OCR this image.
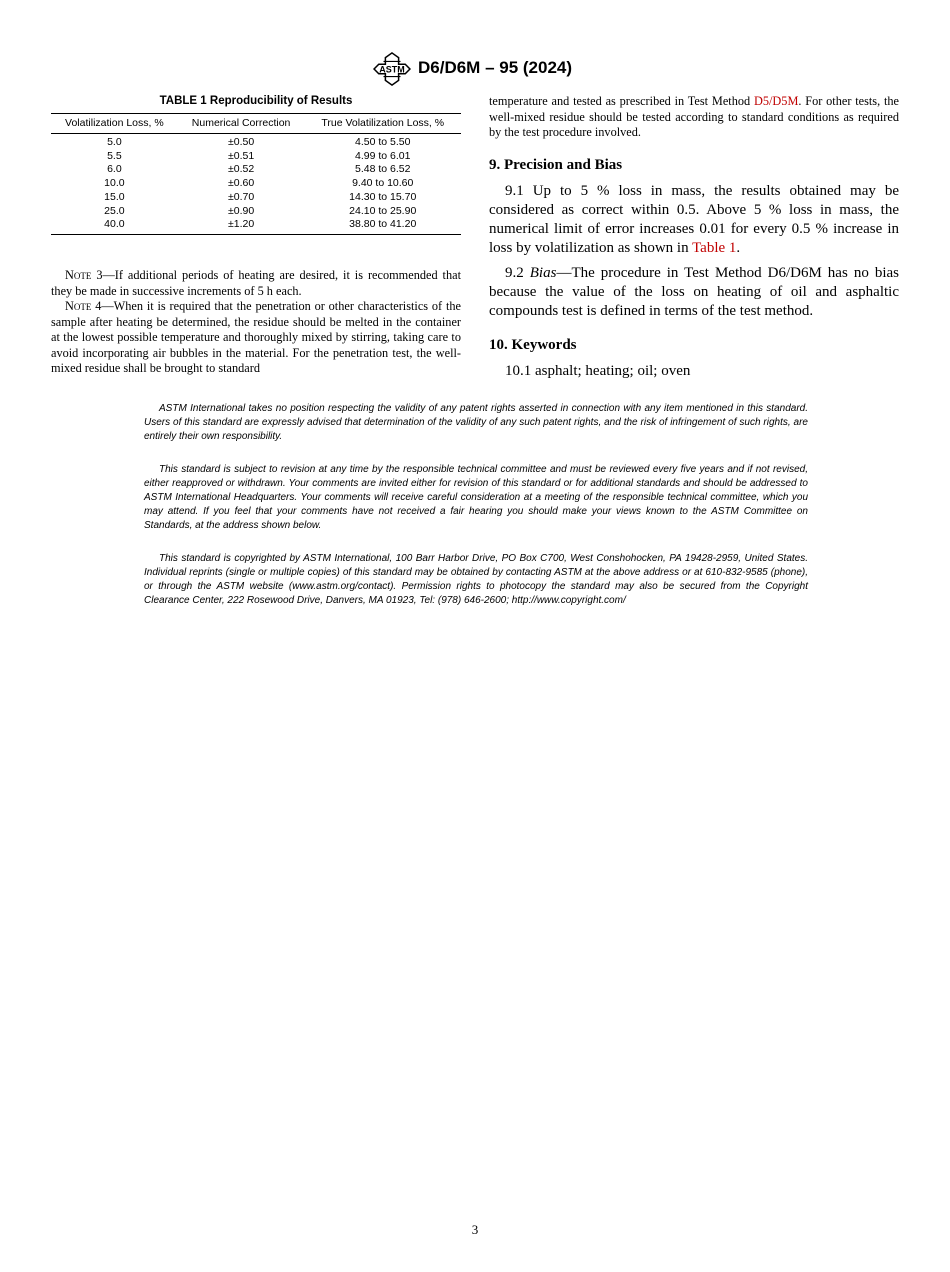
ASTM D6/D6M – 95 (2024)
TABLE 1 Reproducibility of Results
Volatilization Loss, %	Numerical Correction	True Volatilization Loss, %
5.0	±0.50	4.50 to 5.50
5.5	±0.51	4.99 to 6.01
6.0	±0.52	5.48 to 6.52
10.0	±0.60	9.40 to 10.60
15.0	±0.70	14.30 to 15.70
25.0	±0.90	24.10 to 25.90
40.0	±1.20	38.80 to 41.20

Note 3—If additional periods of heating are desired, it is recommended that they be made in successive increments of 5 h each.

Note 4—When it is required that the penetration or other characteristics of the sample after heating be determined, the residue should be melted in the container at the lowest possible temperature and thoroughly mixed by stirring, taking care to avoid incorporating air bubbles in the material. For the penetration test, the well-mixed residue shall be brought to standard

temperature and tested as prescribed in Test Method D5/D5M. For other tests, the well-mixed residue should be tested according to standard conditions as required by the test procedure involved.

9. Precision and Bias

9.1 Up to 5 % loss in mass, the results obtained may be considered as correct within 0.5. Above 5 % loss in mass, the numerical limit of error increases 0.01 for every 0.5 % increase in loss by volatilization as shown in Table 1.

9.2 Bias—The procedure in Test Method D6/D6M has no bias because the value of the loss on heating of oil and asphaltic compounds test is defined in terms of the test method.

10. Keywords

10.1 asphalt; heating; oil; oven

ASTM International takes no position respecting the validity of any patent rights asserted in connection with any item mentioned in this standard. Users of this standard are expressly advised that determination of the validity of any such patent rights, and the risk of infringement of such rights, are entirely their own responsibility.

This standard is subject to revision at any time by the responsible technical committee and must be reviewed every five years and if not revised, either reapproved or withdrawn. Your comments are invited either for revision of this standard or for additional standards and should be addressed to ASTM International Headquarters. Your comments will receive careful consideration at a meeting of the responsible technical committee, which you may attend. If you feel that your comments have not received a fair hearing you should make your views known to the ASTM Committee on Standards, at the address shown below.

This standard is copyrighted by ASTM International, 100 Barr Harbor Drive, PO Box C700, West Conshohocken, PA 19428-2959, United States. Individual reprints (single or multiple copies) of this standard may be obtained by contacting ASTM at the above address or at 610-832-9585 (phone), or through the ASTM website (www.astm.org/contact). Permission rights to photocopy the standard may also be secured from the Copyright Clearance Center, 222 Rosewood Drive, Danvers, MA 01923, Tel: (978) 646-2600; http://www.copyright.com/

3
